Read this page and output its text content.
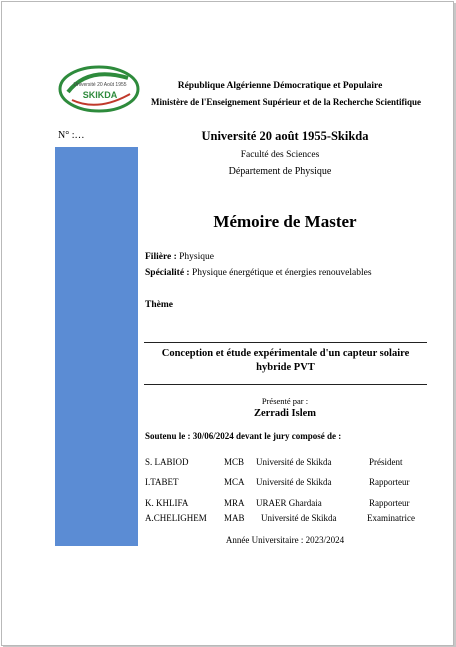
Université 20 Août 1955
SKIKDA
République Algérienne Démocratique et Populaire
Ministère de l'Enseignement Supérieur et de la Recherche Scientifique
N° :…	Université 20 août 1955-Skikda
Faculté des Sciences
Département de Physique
Mémoire de Master
Filière : Physique
Spécialité : Physique énergétique et énergies renouvelables
Thème
Conception et étude expérimentale d'un capteur solaire
hybride PVT
Présenté par :
Zerradi Islem
Soutenu le : 30/06/2024 devant le jury composé de :
S. LABIOD	MCB Université de Skikda	Président
I.TABET	MCA Université de Skikda	Rapporteur
K. KHLIFA	MRA URAER Ghardaia	Rapporteur
A.CHELIGHEM MAB Université de Skikda	Examinatrice
Année Universitaire : 2023/2024
